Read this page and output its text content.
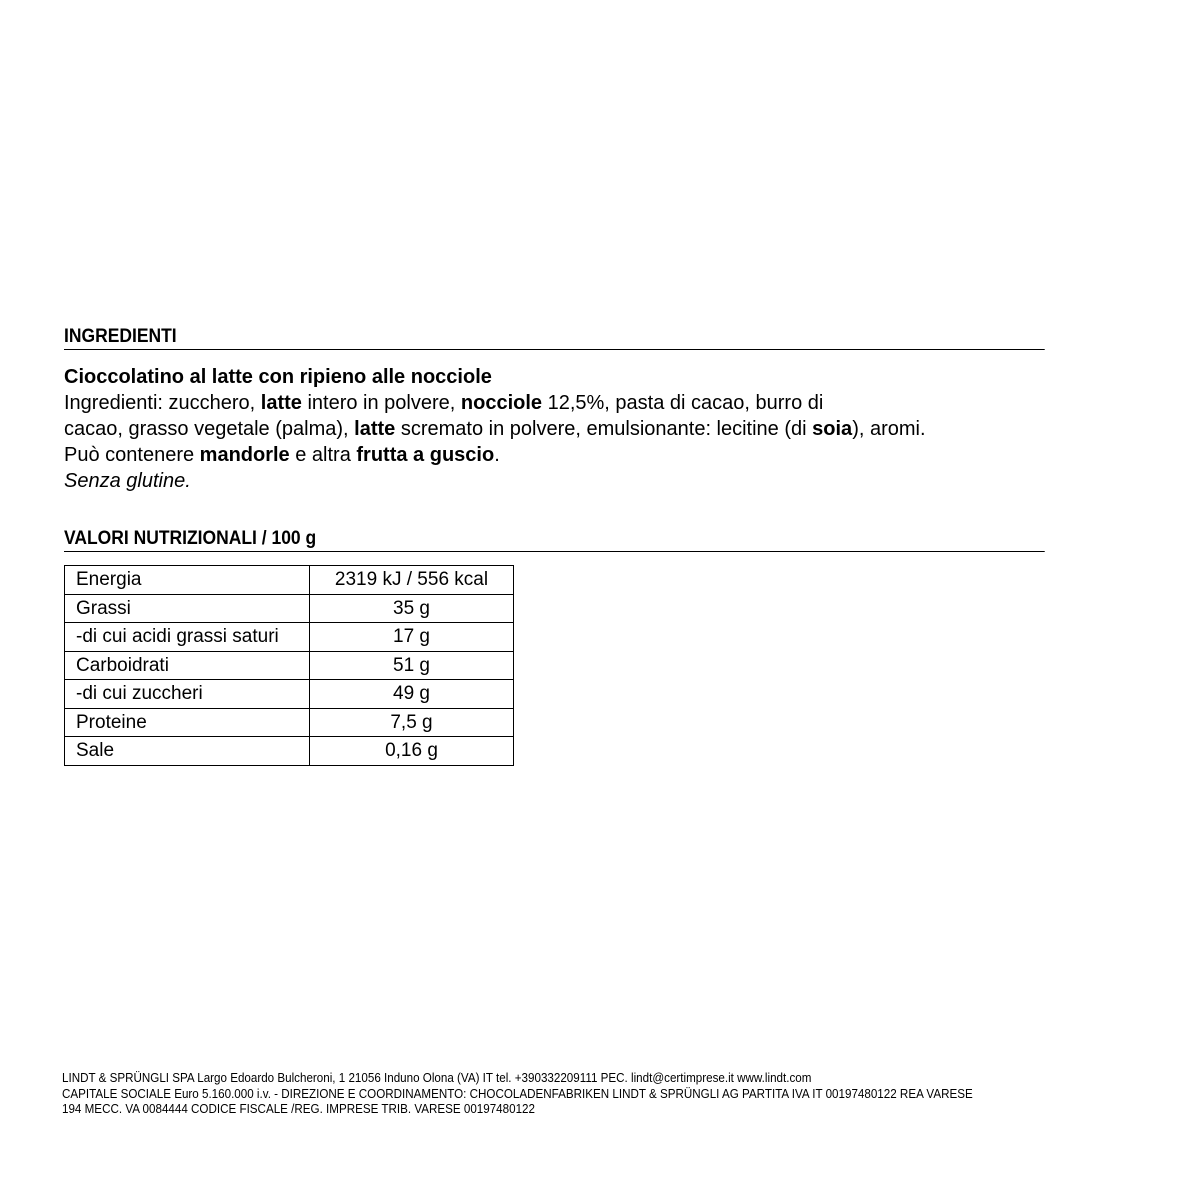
INGREDIENTI
Cioccolatino al latte con ripieno alle nocciole
Ingredienti: zucchero, latte intero in polvere, nocciole 12,5%, pasta di cacao, burro di
cacao, grasso vegetale (palma), latte scremato in polvere, emulsionante: lecitine (di soia), aromi.
Può contenere mandorle e altra frutta a guscio.
Senza glutine.
VALORI NUTRIZIONALI / 100 g
Energia	2319 kJ / 556 kcal
Grassi	35 g
-di cui acidi grassi saturi	17 g
Carboidrati	51 g
-di cui zuccheri	49 g
Proteine	7,5 g
Sale	0,16 g
LINDT & SPRÜNGLI SPA Largo Edoardo Bulcheroni, 1 21056 Induno Olona (VA) IT tel. +390332209111 PEC. lindt@certimprese.it www.lindt.com
CAPITALE SOCIALE Euro 5.160.000 i.v. - DIREZIONE E COORDINAMENTO: CHOCOLADENFABRIKEN LINDT & SPRÜNGLI AG PARTITA IVA IT 00197480122 REA VARESE
194 MECC. VA 0084444 CODICE FISCALE /REG. IMPRESE TRIB. VARESE 00197480122
